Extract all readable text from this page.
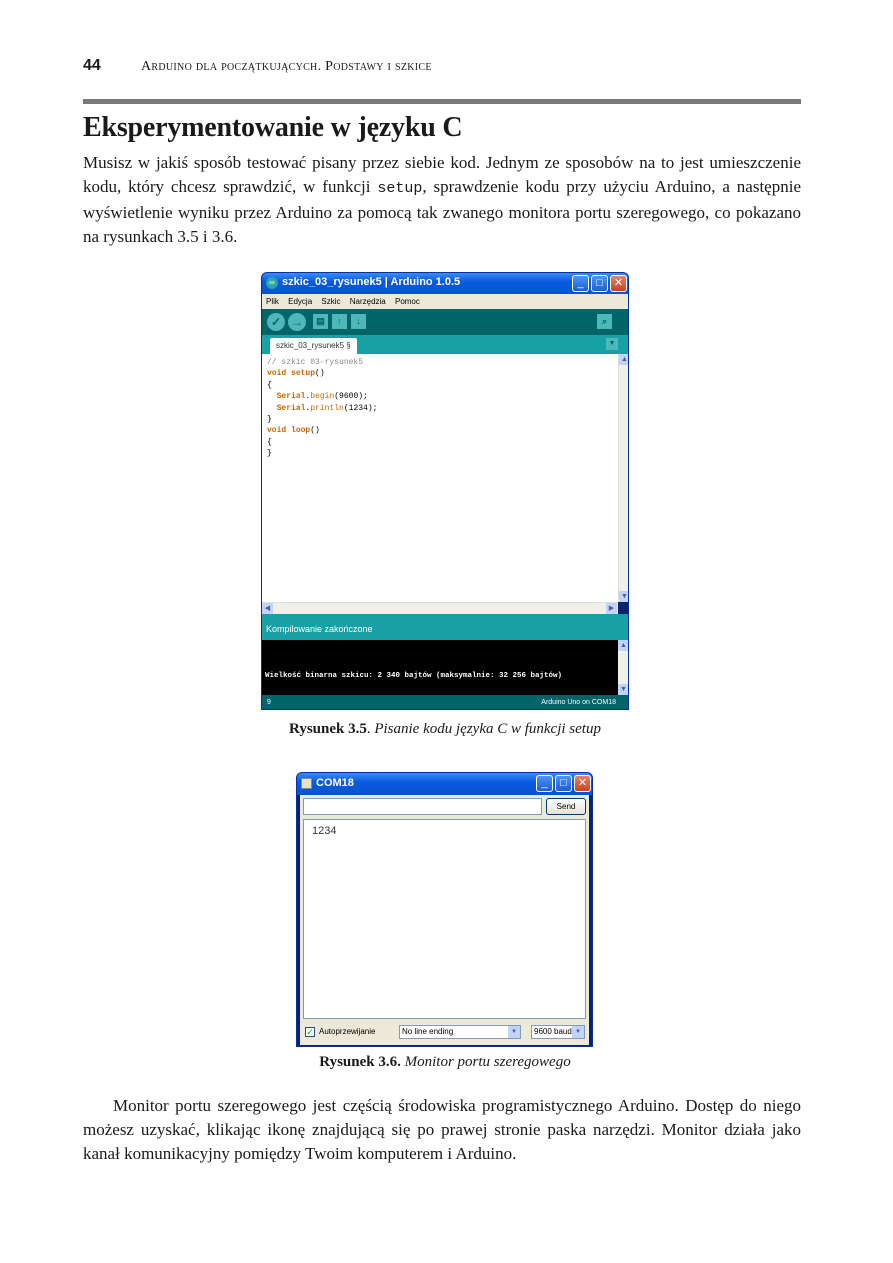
44	Arduino dla początkujących. Podstawy i szkice
Eksperymentowanie w języku C

Musisz w jakiś sposób testować pisany przez siebie kod. Jednym ze sposobów na to jest umieszczenie kodu, który chcesz sprawdzić, w funkcji setup, sprawdzenie kodu przy użyciu Arduino, a następnie wyświetlenie wyniku przez Arduino za pomocą tak zwanego monitora portu szeregowego, co pokazano na rysunkach 3.5 i 3.6.

∞ szkic_03_rysunek5 | Arduino 1.0.5	_	□	✕
Plik Edycja Szkic Narzędzia Pomoc
✓ →	▤	↑	↓	⌕
szkic_03_rysunek5 §	▼
// szkic 03-rysunek5
void setup()
{
Serial.begin(9600);
Serial.println(1234);
}
void loop()
{
}
▲
▼
◀	▶
Kompilowanie zakończone
Wielkość binarna szkicu: 2 340 bajtów (maksymalnie: 32 256 bajtów)
▲
▼
9	Arduino Uno on COM18
Rysunek 3.5. Pisanie kodu języka C w funkcji setup
COM18	_	□	✕
Send
1234
✓ Autoprzewijanie	No line ending	▼	9600 baud ▼
Rysunek 3.6. Monitor portu szeregowego

Monitor portu szeregowego jest częścią środowiska programistycznego Arduino. Dostęp do niego możesz uzyskać, klikając ikonę znajdującą się po prawej stronie paska narzędzi. Monitor działa jako kanał komunikacyjny pomiędzy Twoim komputerem i Arduino.
